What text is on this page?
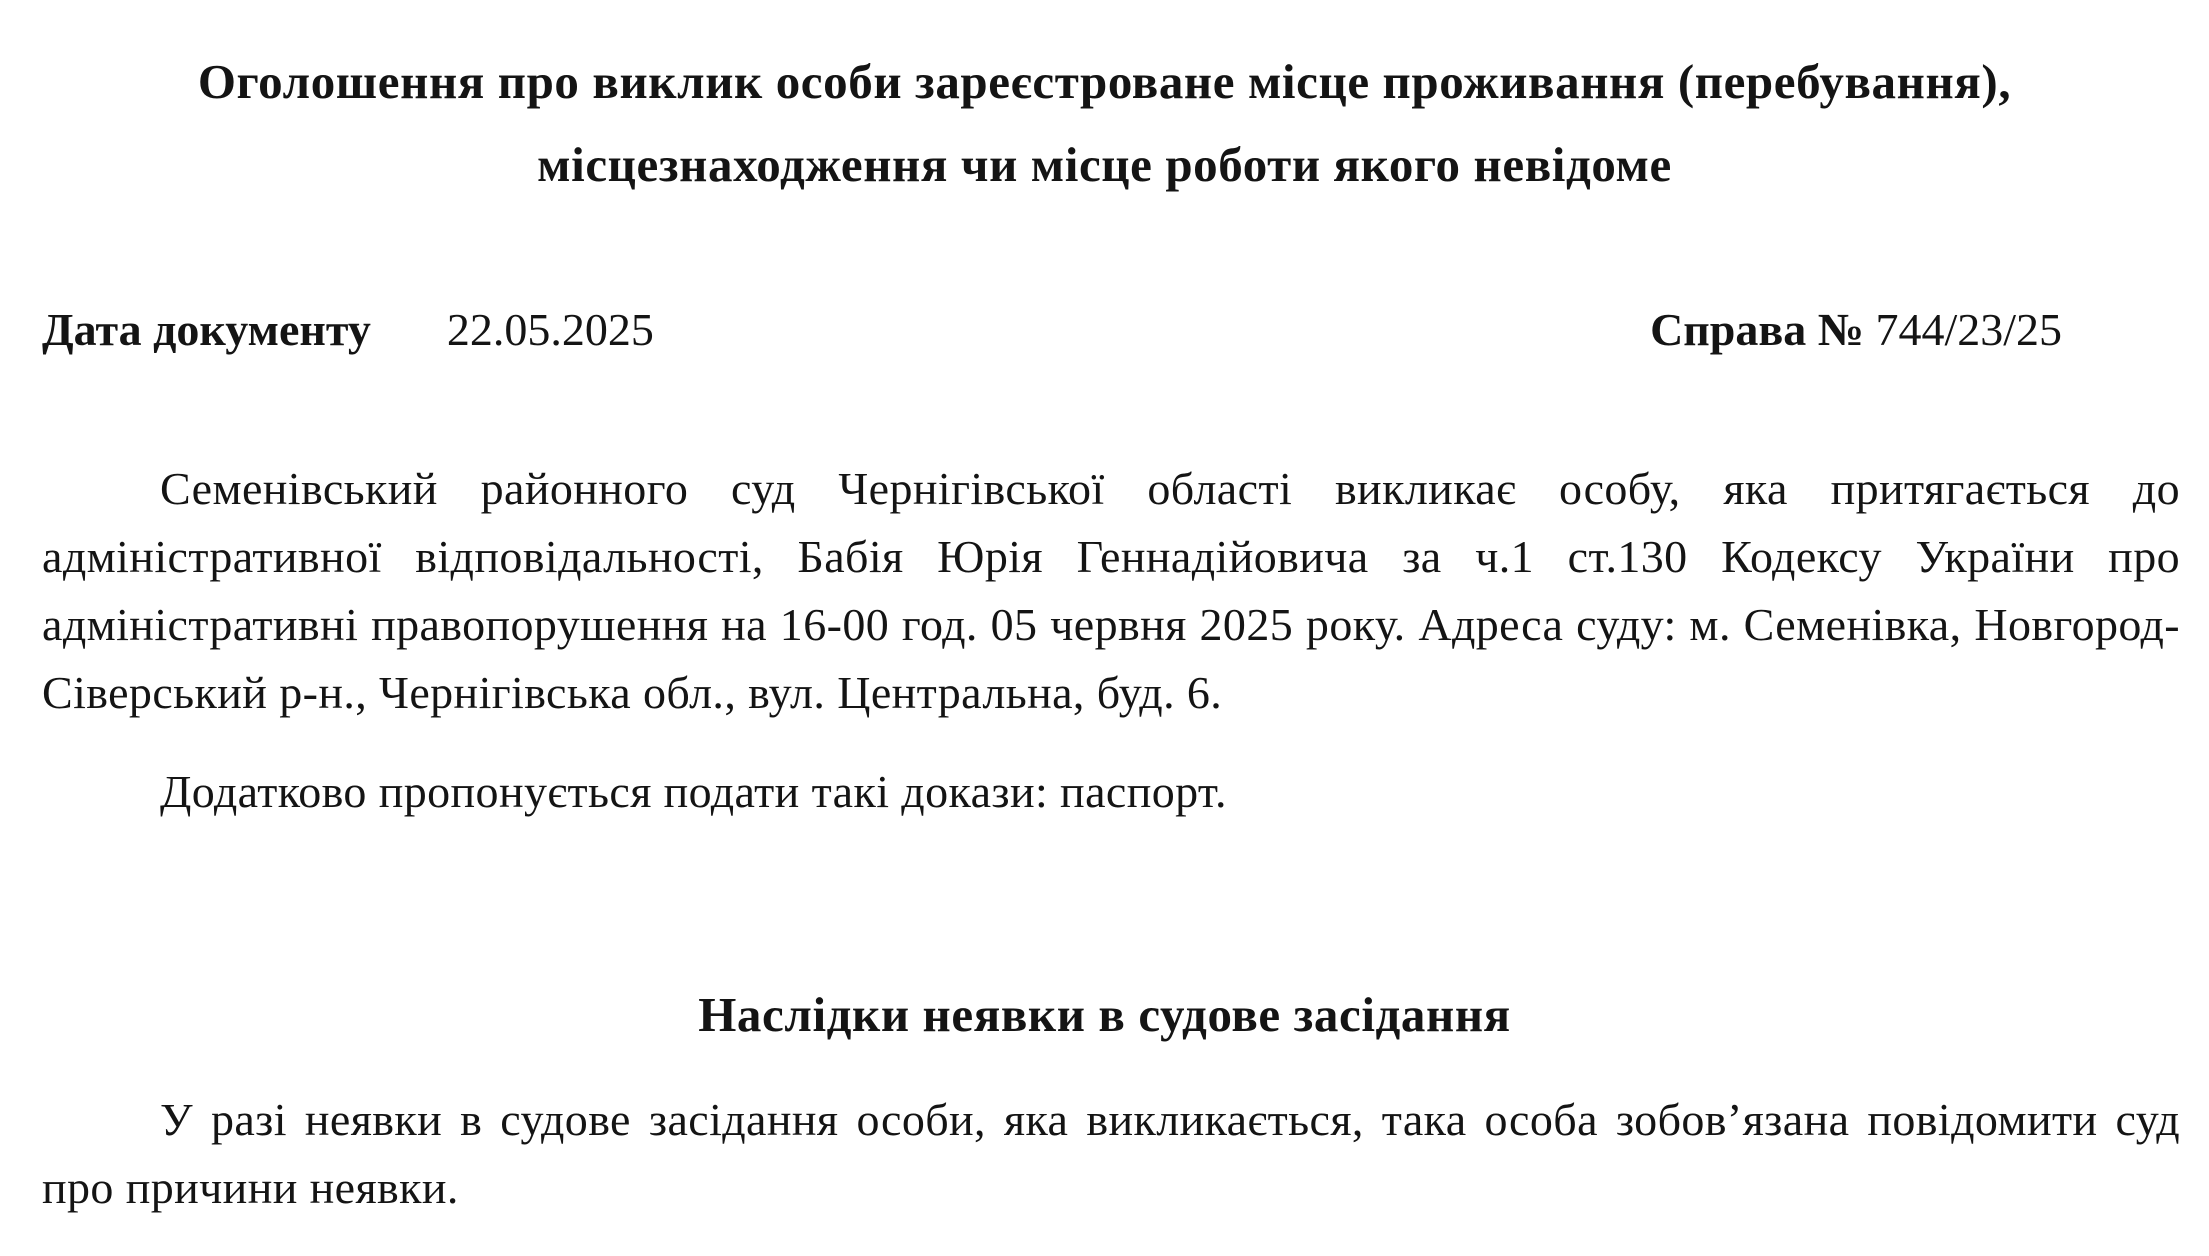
Оголошення про виклик особи зареєстроване місце проживання (перебування),
місцезнаходження чи місце роботи якого невідоме
Дата документу 22.05.2025	Справа № 744/23/25

Семенівський районного суд Чернігівської області викликає особу, яка притягається до адміністративної відповідальності, Бабія Юрія Геннадійовича за ч.1 ст.130 Кодексу України про адміністративні правопорушення на 16-00 год. 05 червня 2025 року. Адреса суду: м. Семенівка, Новгород-Сіверський р-н., Чернігівська обл., вул. Центральна, буд. 6.

Додатково пропонується подати такі докази: паспорт.

Наслідки неявки в судове засідання

У разі неявки в судове засідання особи, яка викликається, така особа зобов’язана повідомити суд про причини неявки.
